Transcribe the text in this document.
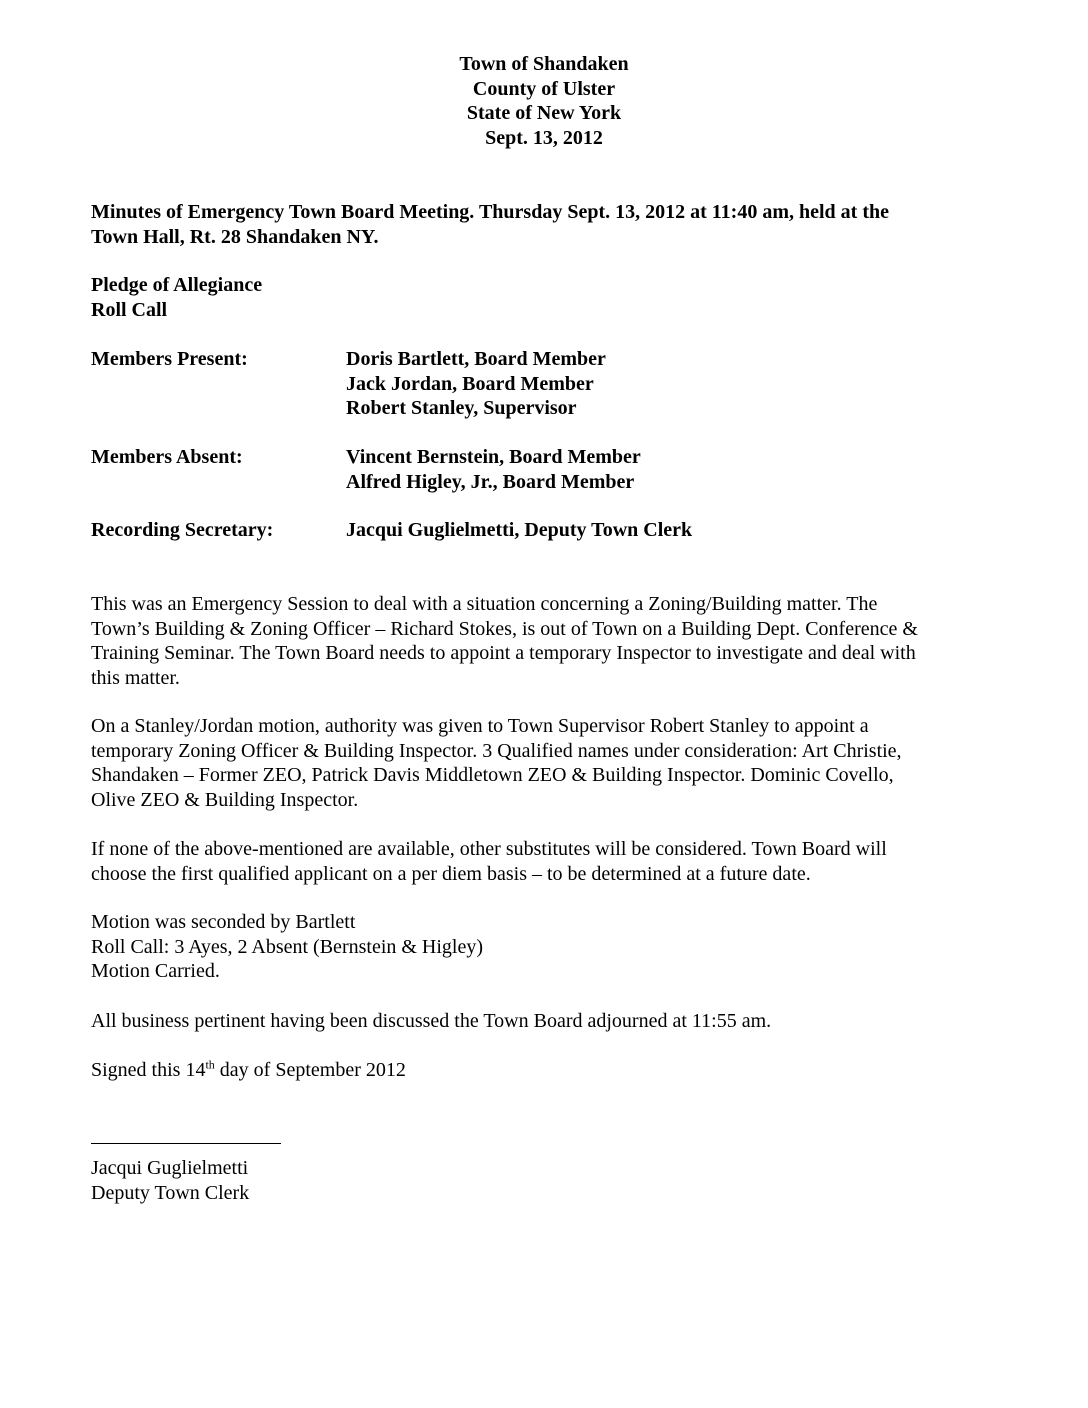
Town of Shandaken
County of Ulster
State of New York
Sept. 13, 2012
Minutes of Emergency Town Board Meeting. Thursday Sept. 13, 2012 at 11:40 am, held at the
Town Hall, Rt. 28 Shandaken NY.
Pledge of Allegiance
Roll Call
Members Present:	Doris Bartlett, Board Member
Jack Jordan, Board Member
Robert Stanley, Supervisor
Members Absent:	Vincent Bernstein, Board Member
Alfred Higley, Jr., Board Member
Recording Secretary:	Jacqui Guglielmetti, Deputy Town Clerk
This was an Emergency Session to deal with a situation concerning a Zoning/Building matter. The
Town’s Building & Zoning Officer – Richard Stokes, is out of Town on a Building Dept. Conference &
Training Seminar. The Town Board needs to appoint a temporary Inspector to investigate and deal with
this matter.
On a Stanley/Jordan motion, authority was given to Town Supervisor Robert Stanley to appoint a
temporary Zoning Officer & Building Inspector. 3 Qualified names under consideration: Art Christie,
Shandaken – Former ZEO, Patrick Davis Middletown ZEO & Building Inspector. Dominic Covello,
Olive ZEO & Building Inspector.
If none of the above-mentioned are available, other substitutes will be considered. Town Board will
choose the first qualified applicant on a per diem basis – to be determined at a future date.
Motion was seconded by Bartlett
Roll Call: 3 Ayes, 2 Absent (Bernstein & Higley)
Motion Carried.
All business pertinent having been discussed the Town Board adjourned at 11:55 am.
Signed this 14th day of September 2012
Jacqui Guglielmetti
Deputy Town Clerk
